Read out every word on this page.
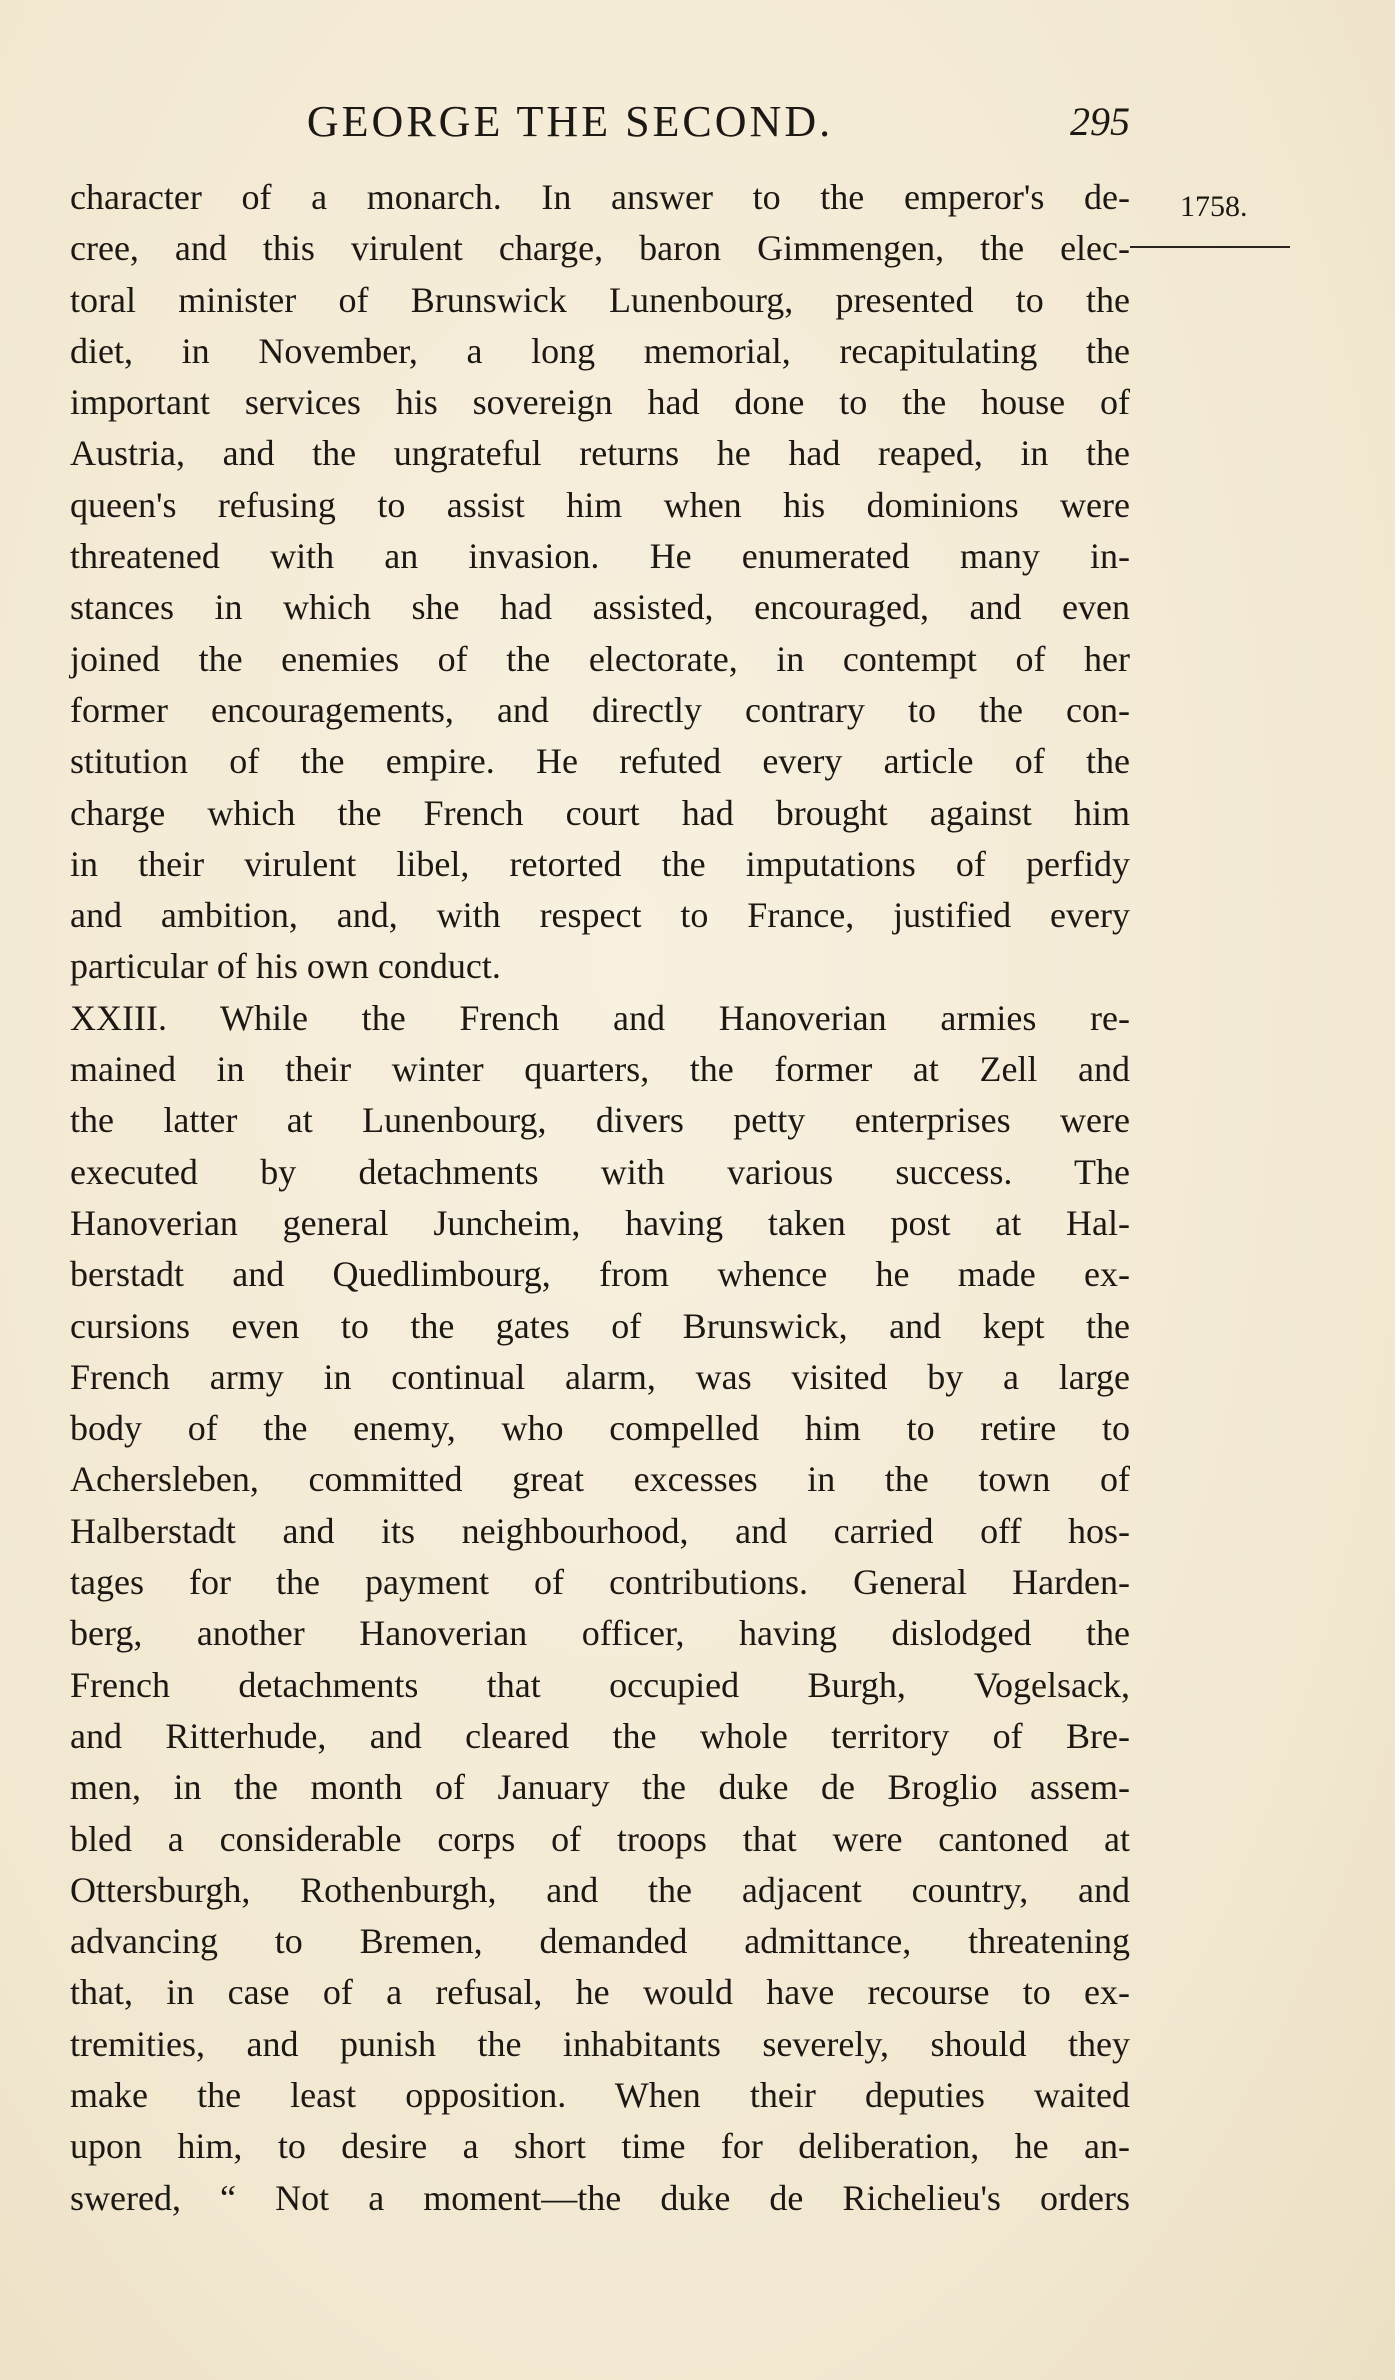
GEORGE THE SECOND.	295
1758.
character of a monarch. In answer to the emperor's de-
cree, and this virulent charge, baron Gimmengen, the elec-
toral minister of Brunswick Lunenbourg, presented to the
diet, in November, a long memorial, recapitulating the
important services his sovereign had done to the house of
Austria, and the ungrateful returns he had reaped, in the
queen's refusing to assist him when his dominions were
threatened with an invasion. He enumerated many in-
stances in which she had assisted, encouraged, and even
joined the enemies of the electorate, in contempt of her
former encouragements, and directly contrary to the con-
stitution of the empire. He refuted every article of the
charge which the French court had brought against him
in their virulent libel, retorted the imputations of perfidy
and ambition, and, with respect to France, justified every
particular of his own conduct.
XXIII. While the French and Hanoverian armies re-
mained in their winter quarters, the former at Zell and
the latter at Lunenbourg, divers petty enterprises were
executed by detachments with various success. The
Hanoverian general Juncheim, having taken post at Hal-
berstadt and Quedlimbourg, from whence he made ex-
cursions even to the gates of Brunswick, and kept the
French army in continual alarm, was visited by a large
body of the enemy, who compelled him to retire to
Achersleben, committed great excesses in the town of
Halberstadt and its neighbourhood, and carried off hos-
tages for the payment of contributions. General Harden-
berg, another Hanoverian officer, having dislodged the
French detachments that occupied Burgh, Vogelsack,
and Ritterhude, and cleared the whole territory of Bre-
men, in the month of January the duke de Broglio assem-
bled a considerable corps of troops that were cantoned at
Ottersburgh, Rothenburgh, and the adjacent country, and
advancing to Bremen, demanded admittance, threatening
that, in case of a refusal, he would have recourse to ex-
tremities, and punish the inhabitants severely, should they
make the least opposition. When their deputies waited
upon him, to desire a short time for deliberation, he an-
swered, “ Not a moment—the duke de Richelieu's orders
